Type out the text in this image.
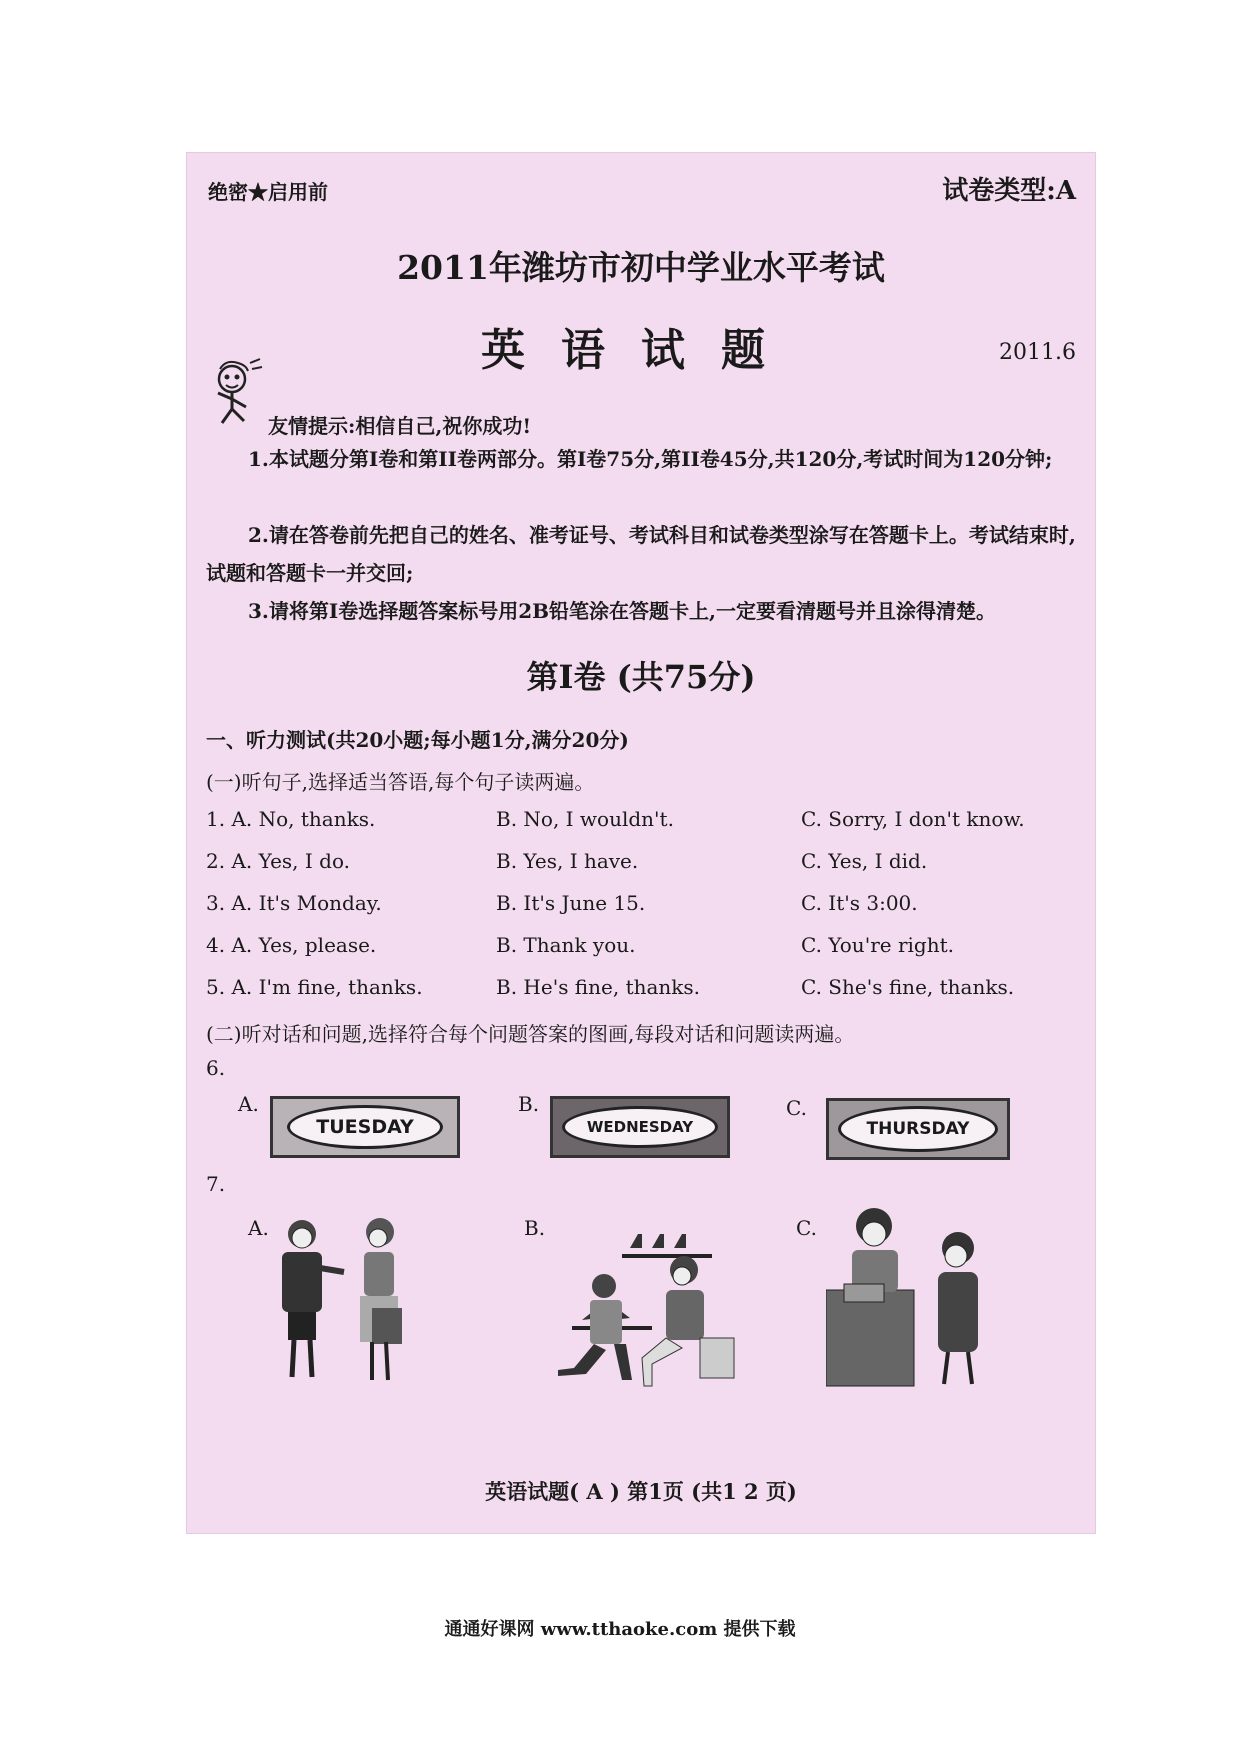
绝密★启用前	试卷类型:A
2011年潍坊市初中学业水平考试
英语试题	2011.6
友情提示:相信自己,祝你成功!
1.本试题分第I卷和第II卷两部分。第I卷75分,第II卷45分,共120分,考试时间为120分钟;
2.请在答卷前先把自己的姓名、准考证号、考试科目和试卷类型涂写在答题卡上。考试结束时,试题和答题卡一并交回;
3.请将第I卷选择题答案标号用2B铅笔涂在答题卡上,一定要看清题号并且涂得清楚。
第I卷 (共75分)
一、听力测试(共20小题;每小题1分,满分20分)
(一)听句子,选择适当答语,每个句子读两遍。
1. A. No, thanks.	B. No, I wouldn't.	C. Sorry, I don't know.
2. A. Yes, I do.	B. Yes, I have.	C. Yes, I did.
3. A. It's Monday.	B. It's June 15.	C. It's 3:00.
4. A. Yes, please.	B. Thank you.	C. You're right.
5. A. I'm fine, thanks.	B. He's fine, thanks.	C. She's fine, thanks.
(二)听对话和问题,选择符合每个问题答案的图画,每段对话和问题读两遍。
6.
A.
TUESDAY
B.
WEDNESDAY
C.
THURSDAY
7.
A.	B.	C.
英语试题( A ) 第1页 (共1 2 页)
通通好课网 www.tthaoke.com 提供下载
